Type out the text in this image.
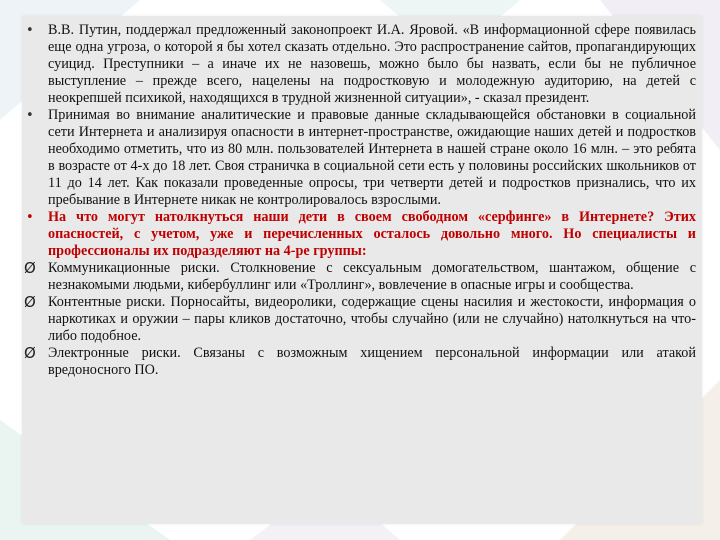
•	В.В. Путин, поддержал предложенный законопроект И.А. Яровой. «В информационной сфере появилась еще одна угроза, о которой я бы хотел сказать отдельно. Это распространение сайтов, пропагандирующих суицид. Преступники – а иначе их не назовешь, можно было бы назвать, если бы не публичное выступление – прежде всего, нацелены на подростковую и молодежную аудиторию, на детей с неокрепшей психикой, находящихся в трудной жизненной ситуации», - сказал президент.
•	Принимая во внимание аналитические и правовые данные складывающейся обстановки в социальной сети Интернета и анализируя опасности в интернет-пространстве, ожидающие наших детей и подростков необходимо отметить, что из 80 млн. пользователей Интернета в нашей стране около 16 млн. – это ребята в возрасте от 4-х до 18 лет. Своя страничка в социальной сети есть у половины российских школьников от 11 до 14 лет. Как показали проведенные опросы, три четверти детей и подростков признались, что их пребывание в Интернете никак не контролировалось взрослыми.
•	На что могут натолкнуться наши дети в своем свободном «серфинге» в Интернете? Этих опасностей, с учетом, уже и перечисленных осталось довольно много. Но специалисты и профессионалы их подразделяют на 4-ре группы:
Ø Коммуникационные риски. Столкновение с сексуальным домогательством, шантажом, общение с незнакомыми людьми, кибербуллинг или «Троллинг», вовлечение в опасные игры и сообщества.
Ø Контентные риски. Порносайты, видеоролики, содержащие сцены насилия и жестокости, информация о наркотиках и оружии – пары кликов достаточно, чтобы случайно (или не случайно) натолкнуться на что-либо подобное.
Ø Электронные риски. Связаны с возможным хищением персональной информации или атакой вредоносного ПО.
